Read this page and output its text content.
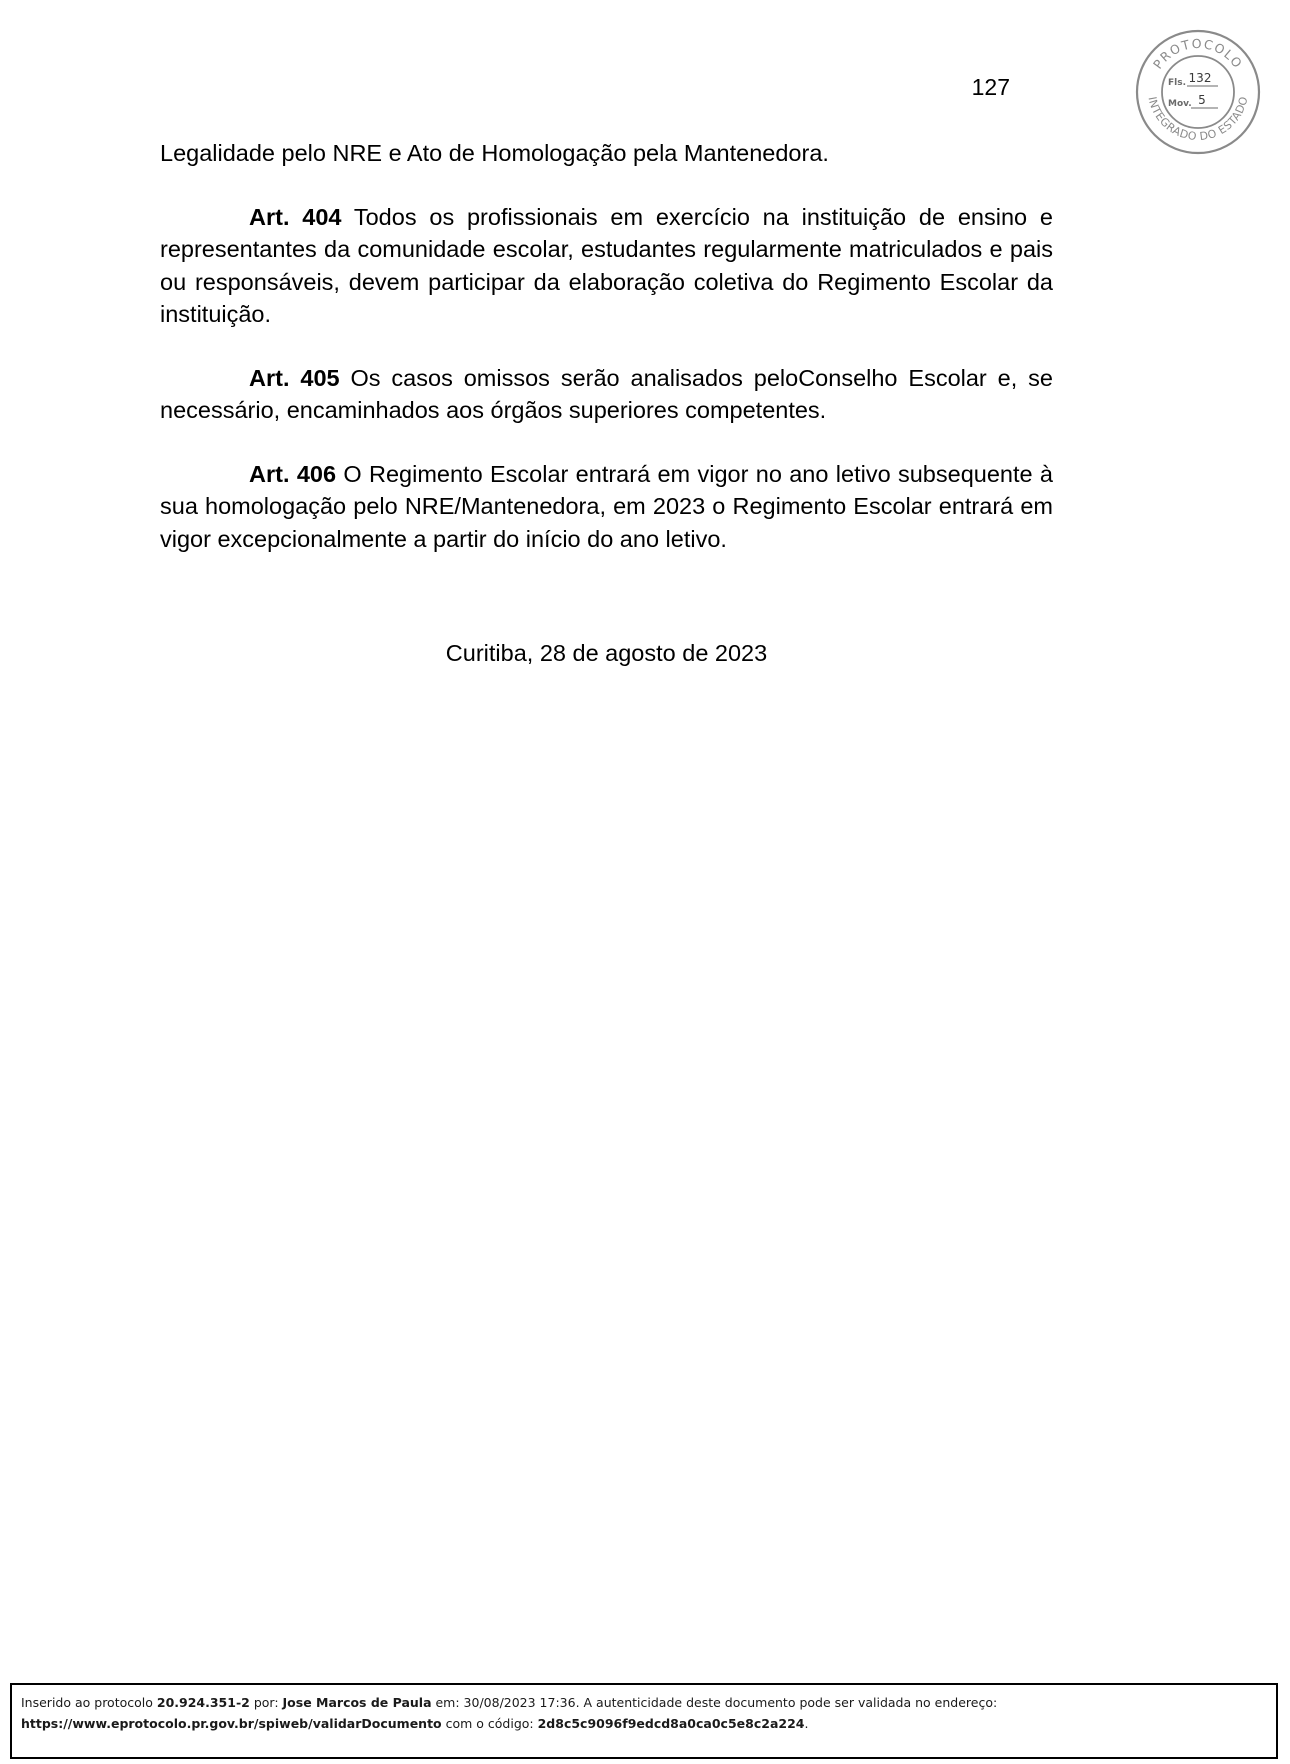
127
PROTOCOLO
INTEGRADO DO ESTADO
Fls. 132
Mov. 5

Legalidade pelo NRE e Ato de Homologação pela Mantenedora.

Art. 404 Todos os profissionais em exercício na instituição de ensino e representantes da comunidade escolar, estudantes regularmente matriculados e pais ou responsáveis, devem participar da elaboração coletiva do Regimento Escolar da instituição.

Art. 405 Os casos omissos serão analisados peloConselho Escolar e, se necessário, encaminhados aos órgãos superiores competentes.

Art. 406 O Regimento Escolar entrará em vigor no ano letivo subsequente à sua homologação pelo NRE/Mantenedora, em 2023 o Regimento Escolar entrará em vigor excepcionalmente a partir do início do ano letivo.

Curitiba, 28 de agosto de 2023
Inserido ao protocolo 20.924.351-2 por: Jose Marcos de Paula em: 30/08/2023 17:36. A autenticidade deste documento pode ser validada no endereço:
https://www.eprotocolo.pr.gov.br/spiweb/validarDocumento com o código: 2d8c5c9096f9edcd8a0ca0c5e8c2a224.
